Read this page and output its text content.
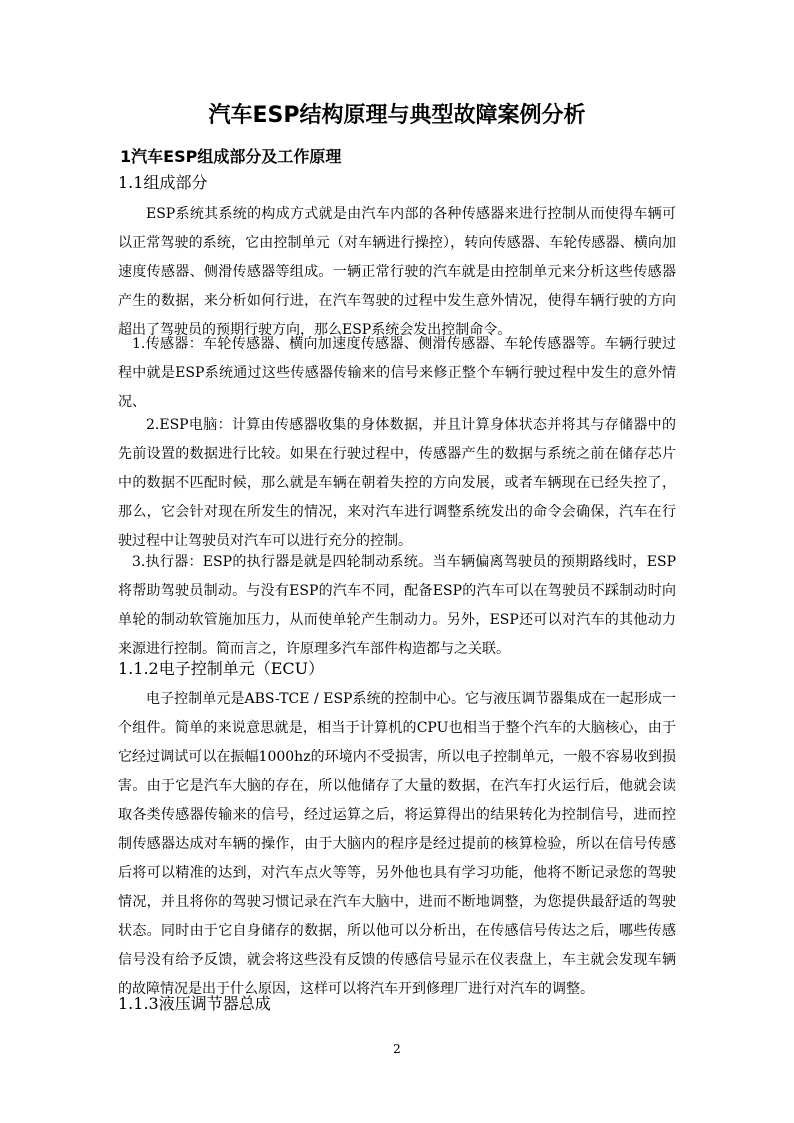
汽车ESP结构原理与典型故障案例分析
1汽车ESP组成部分及工作原理
1.1组成部分
ESP系统其系统的构成方式就是由汽车内部的各种传感器来进行控制从而使得车辆可以正常驾驶的系统，它由控制单元（对车辆进行操控），转向传感器、车轮传感器、横向加速度传感器、侧滑传感器等组成。一辆正常行驶的汽车就是由控制单元来分析这些传感器产生的数据，来分析如何行进，在汽车驾驶的过程中发生意外情况，使得车辆行驶的方向超出了驾驶员的预期行驶方向，那么ESP系统会发出控制命令。
1.传感器：车轮传感器、横向加速度传感器、侧滑传感器、车轮传感器等。车辆行驶过程中就是ESP系统通过这些传感器传输来的信号来修正整个车辆行驶过程中发生的意外情况、
2.ESP电脑：计算由传感器收集的身体数据，并且计算身体状态并将其与存储器中的先前设置的数据进行比较。如果在行驶过程中，传感器产生的数据与系统之前在储存芯片中的数据不匹配时候，那么就是车辆在朝着失控的方向发展，或者车辆现在已经失控了，那么，它会针对现在所发生的情况，来对汽车进行调整系统发出的命令会确保，汽车在行驶过程中让驾驶员对汽车可以进行充分的控制。
3.执行器：ESP的执行器是就是四轮制动系统。当车辆偏离驾驶员的预期路线时，ESP将帮助驾驶员制动。与没有ESP的汽车不同，配备ESP的汽车可以在驾驶员不踩制动时向单轮的制动软管施加压力，从而使单轮产生制动力。另外，ESP还可以对汽车的其他动力来源进行控制。简而言之，许原理多汽车部件构造都与之关联。
1.1.2电子控制单元（ECU）
电子控制单元是ABS-TCE / ESP系统的控制中心。它与液压调节器集成在一起形成一个组件。简单的来说意思就是，相当于计算机的CPU也相当于整个汽车的大脑核心，由于它经过调试可以在振幅1000hz的环境内不受损害，所以电子控制单元，一般不容易收到损害。由于它是汽车大脑的存在，所以他储存了大量的数据，在汽车打火运行后，他就会读取各类传感器传输来的信号，经过运算之后，将运算得出的结果转化为控制信号，进而控制传感器达成对车辆的操作，由于大脑内的程序是经过提前的核算检验，所以在信号传感后将可以精准的达到，对汽车点火等等，另外他也具有学习功能，他将不断记录您的驾驶情况，并且将你的驾驶习惯记录在汽车大脑中，进而不断地调整，为您提供最舒适的驾驶状态。同时由于它自身储存的数据，所以他可以分析出，在传感信号传达之后，哪些传感信号没有给予反馈，就会将这些没有反馈的传感信号显示在仪表盘上，车主就会发现车辆的故障情况是出于什么原因，这样可以将汽车开到修理厂进行对汽车的调整。
1.1.3液压调节器总成
2
